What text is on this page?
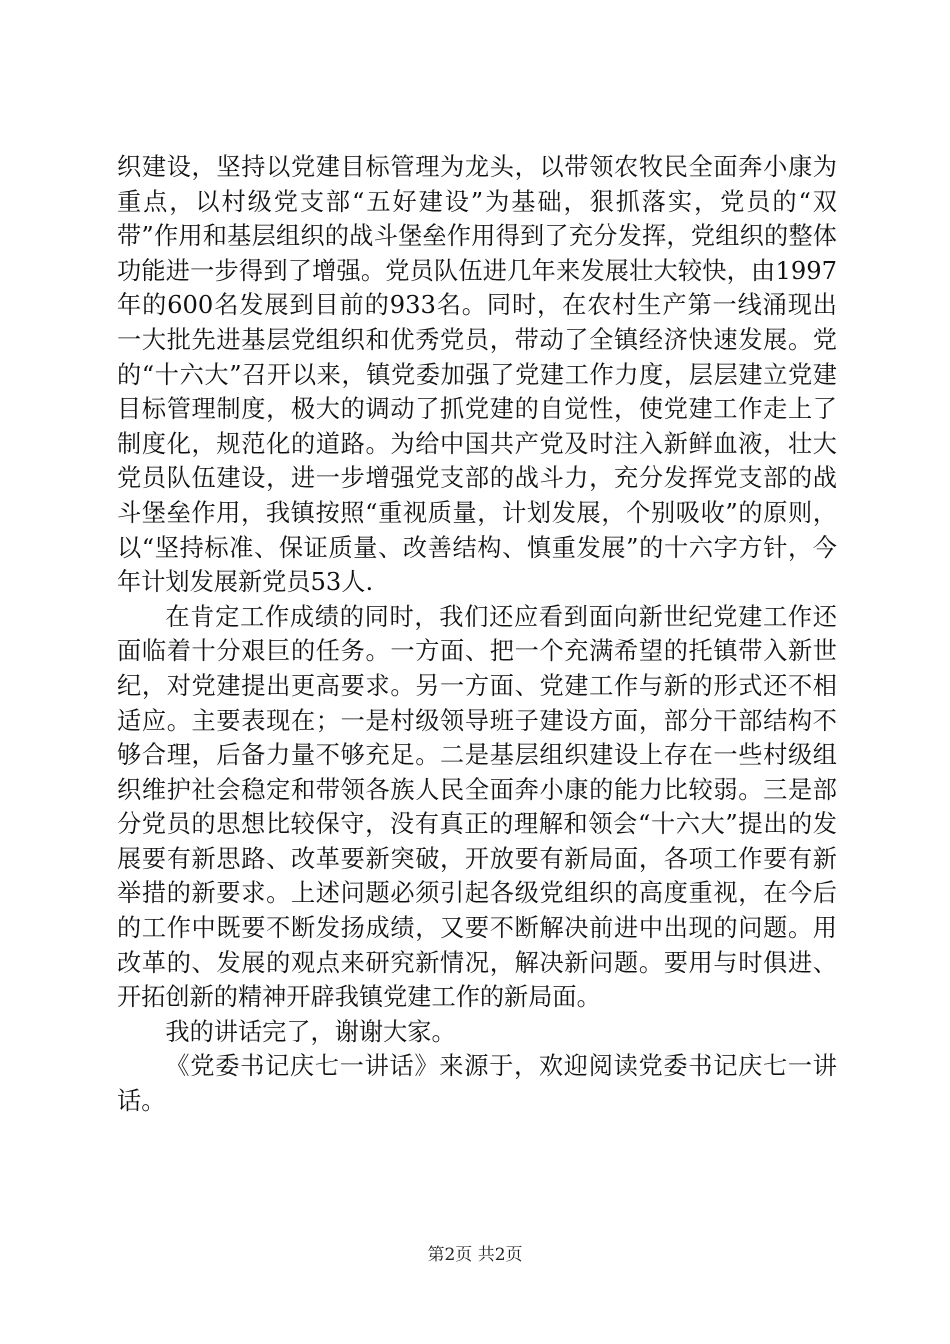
织建设，坚持以党建目标管理为龙头，以带领农牧民全面奔小康为重点，以村级党支部“五好建设”为基础，狠抓落实，党员的“双带”作用和基层组织的战斗堡垒作用得到了充分发挥，党组织的整体功能进一步得到了增强。党员队伍进几年来发展壮大较快，由1997年的600名发展到目前的933名。同时，在农村生产第一线涌现出一大批先进基层党组织和优秀党员，带动了全镇经济快速发展。党的“十六大”召开以来，镇党委加强了党建工作力度，层层建立党建目标管理制度，极大的调动了抓党建的自觉性，使党建工作走上了制度化，规范化的道路。为给中国共产党及时注入新鲜血液，壮大党员队伍建设，进一步增强党支部的战斗力，充分发挥党支部的战斗堡垒作用，我镇按照“重视质量，计划发展，个别吸收”的原则，以“坚持标准、保证质量、改善结构、慎重发展”的十六字方针，今年计划发展新党员53人.

在肯定工作成绩的同时，我们还应看到面向新世纪党建工作还面临着十分艰巨的任务。一方面、把一个充满希望的托镇带入新世纪，对党建提出更高要求。另一方面、党建工作与新的形式还不相适应。主要表现在；一是村级领导班子建设方面，部分干部结构不够合理，后备力量不够充足。二是基层组织建设上存在一些村级组织维护社会稳定和带领各族人民全面奔小康的能力比较弱。三是部分党员的思想比较保守，没有真正的理解和领会“十六大”提出的发展要有新思路、改革要新突破，开放要有新局面，各项工作要有新举措的新要求。上述问题必须引起各级党组织的高度重视，在今后的工作中既要不断发扬成绩，又要不断解决前进中出现的问题。用改革的、发展的观点来研究新情况，解决新问题。要用与时俱进、开拓创新的精神开辟我镇党建工作的新局面。

我的讲话完了，谢谢大家。

《党委书记庆七一讲话》来源于，欢迎阅读党委书记庆七一讲话。

第2页 共2页
